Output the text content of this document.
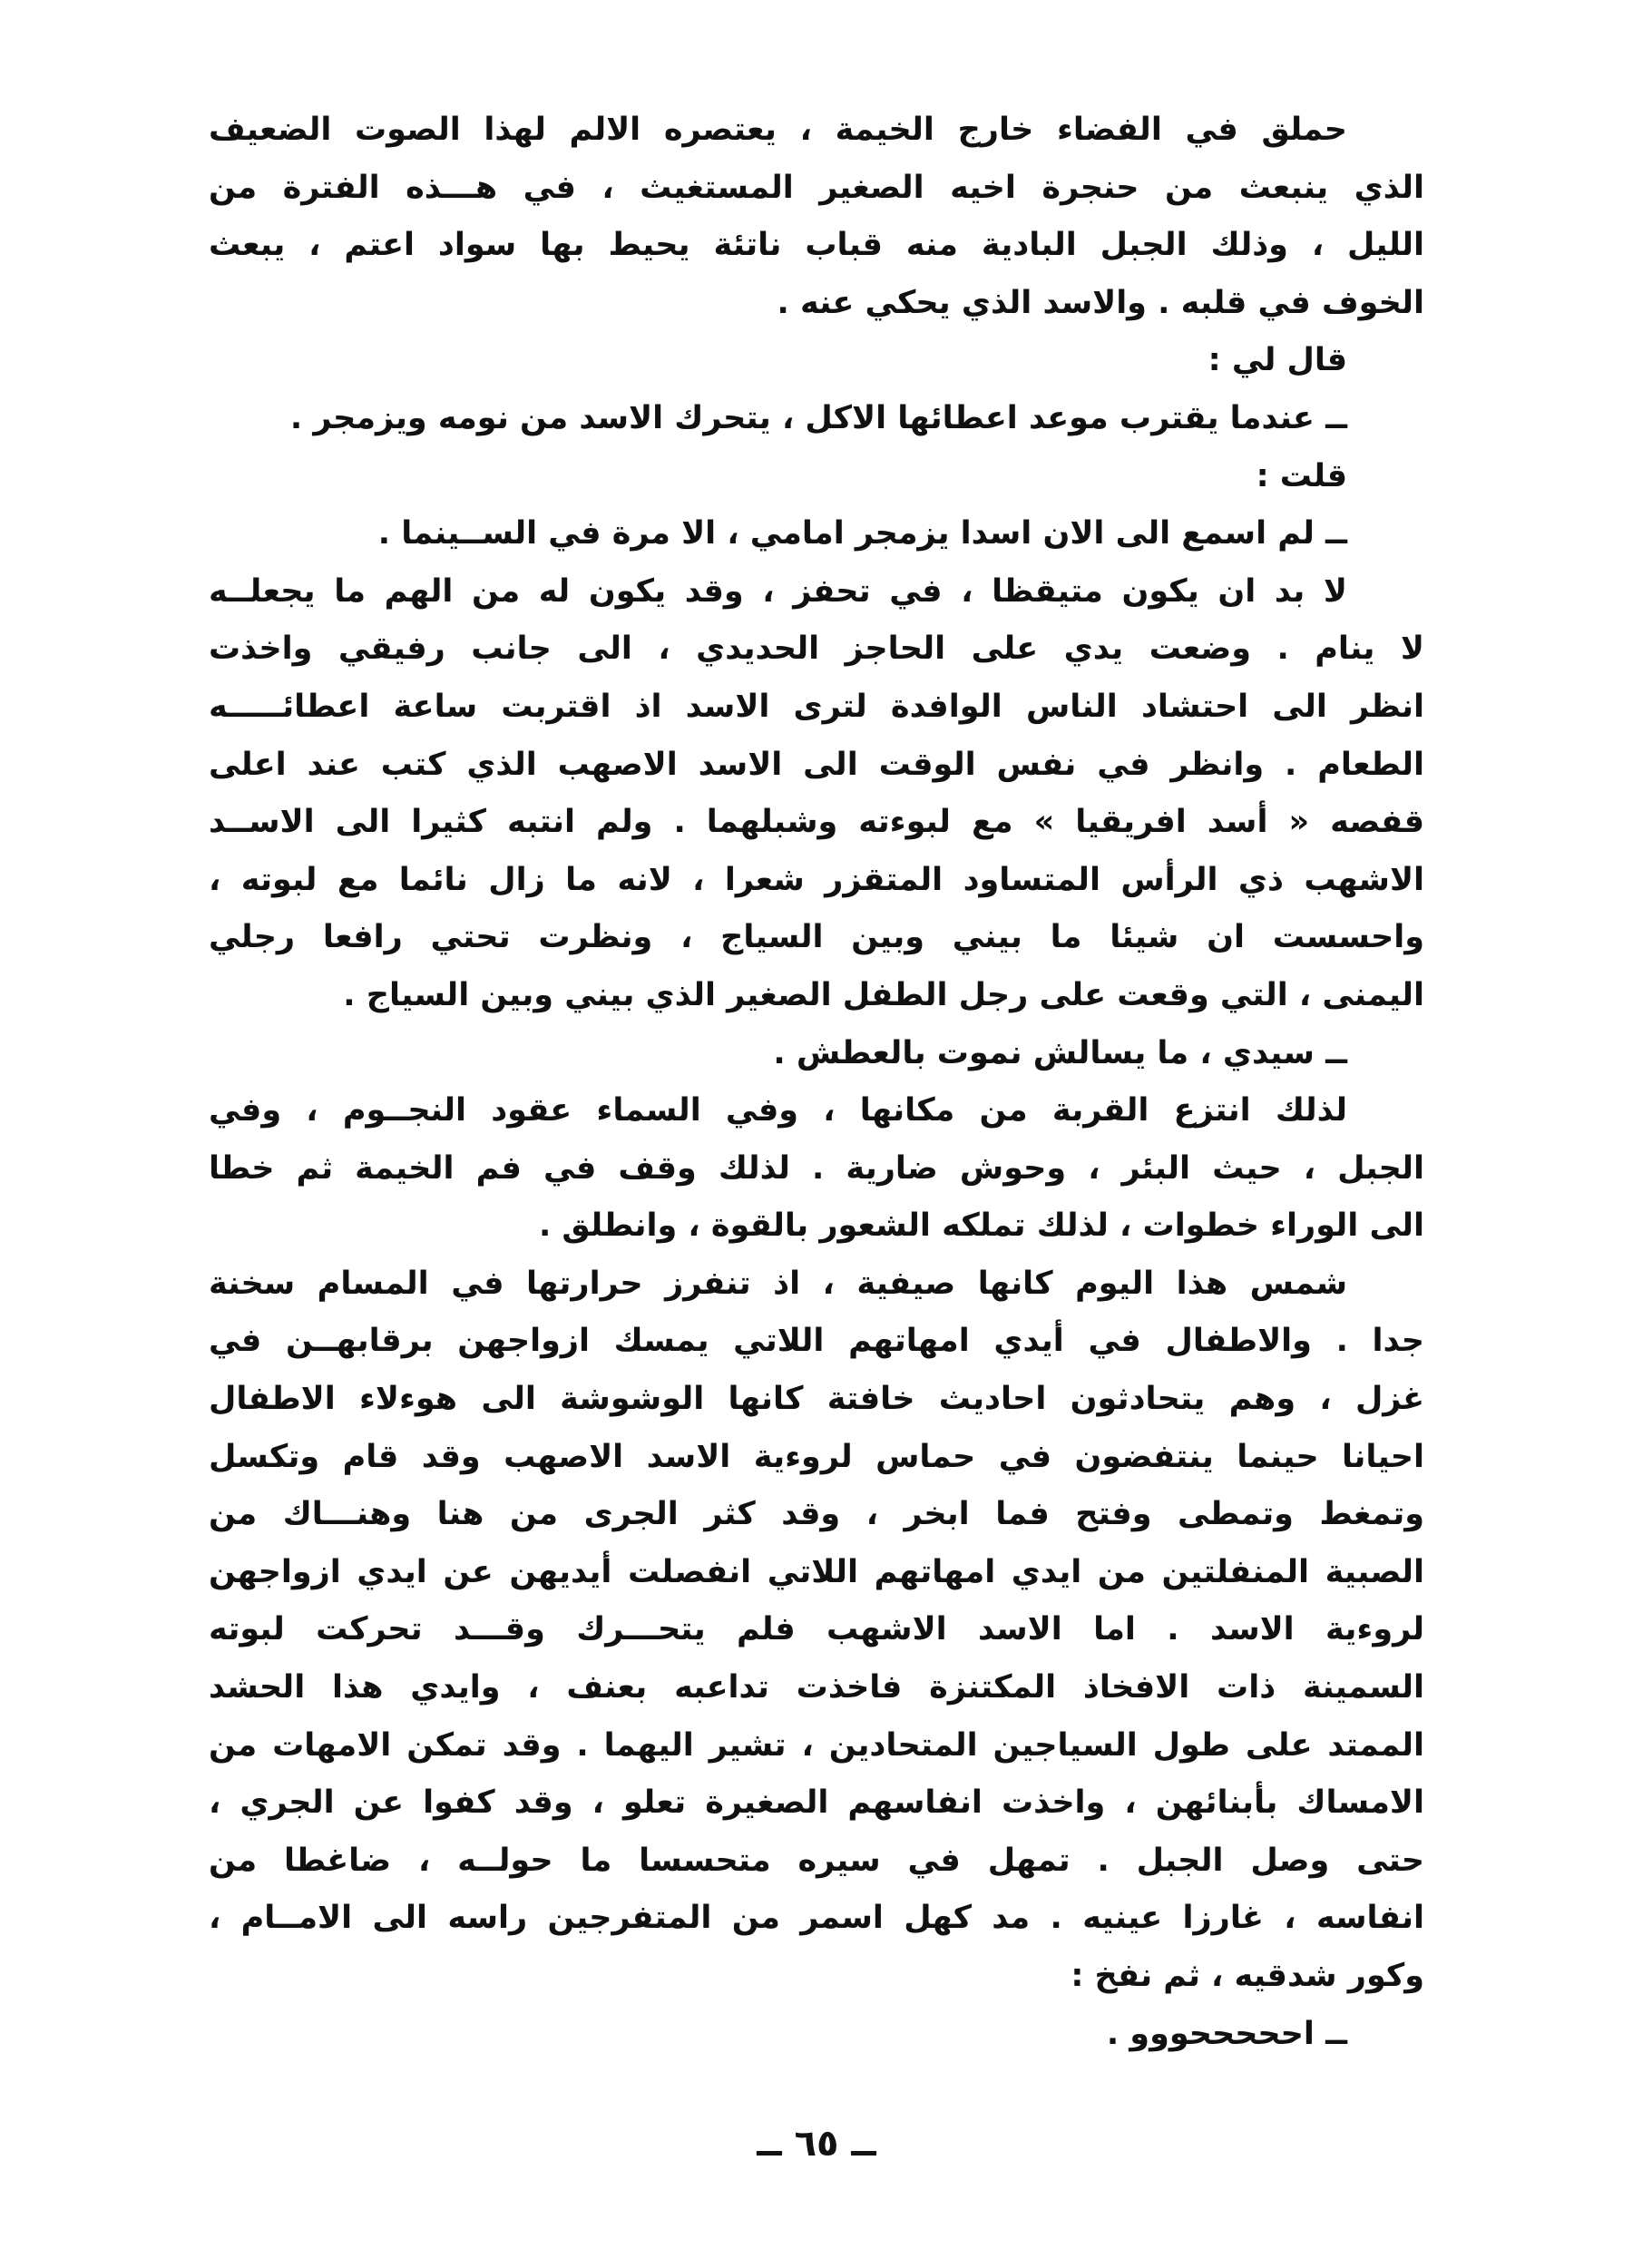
حملق في الفضاء خارج الخيمة ، يعتصره الالم لهذا الصوت الضعيف
الذي ينبعث من حنجرة اخيه الصغير المستغيث ، في هـــذه الفترة من
الليل ، وذلك الجبل البادية منه قباب ناتئة يحيط بها سواد اعتم ، يبعث
الخوف في قلبه . والاسد الذي يحكي عنه .
قال لي :
ــ عندما يقترب موعد اعطائها الاكل ، يتحرك الاسد من نومه ويزمجر .
قلت :
ــ لم اسمع الى الان اسدا يزمجر امامي ، الا مرة في الســينما .
لا بد ان يكون متيقظا ، في تحفز ، وقد يكون له من الهم ما يجعلــه
لا ينام . وضعت يدي على الحاجز الحديدي ، الى جانب رفيقي واخذت
انظر الى احتشاد الناس الوافدة لترى الاسد اذ اقتربت ساعة اعطائـــــه
الطعام . وانظر في نفس الوقت الى الاسد الاصهب الذي كتب عند اعلى
قفصه « أسد افريقيا » مع لبوءته وشبلهما . ولم انتبه كثيرا الى الاســد
الاشهب ذي الرأس المتساود المتقزر شعرا ، لانه ما زال نائما مع لبوته ،
واحسست ان شيئا ما بيني وبين السياج ، ونظرت تحتي رافعا رجلي
اليمنى ، التي وقعت على رجل الطفل الصغير الذي بيني وبين السياج .
ــ سيدي ، ما يسالش نموت بالعطش .
لذلك انتزع القربة من مكانها ، وفي السماء عقود النجــوم ، وفي
الجبل ، حيث البئر ، وحوش ضارية . لذلك وقف في فم الخيمة ثم خطا
الى الوراء خطوات ، لذلك تملكه الشعور بالقوة ، وانطلق .
شمس هذا اليوم كانها صيفية ، اذ تنفرز حرارتها في المسام سخنة
جدا . والاطفال في أيدي امهاتهم اللاتي يمسك ازواجهن برقابهــن في
غزل ، وهم يتحادثون احاديث خافتة كانها الوشوشة الى هوءلاء الاطفال
احيانا حينما ينتفضون في حماس لروءية الاسد الاصهب وقد قام وتكسل
وتمغط وتمطى وفتح فما ابخر ، وقد كثر الجرى من هنا وهنـــاك من
الصبية المنفلتين من ايدي امهاتهم اللاتي انفصلت أيديهن عن ايدي ازواجهن
لروءية الاسد . اما الاسد الاشهب فلم يتحـــرك وقـــد تحركت لبوته
السمينة ذات الافخاذ المكتنزة فاخذت تداعبه بعنف ، وايدي هذا الحشد
الممتد على طول السياجين المتحادين ، تشير اليهما . وقد تمكن الامهات من
الامساك بأبنائهن ، واخذت انفاسهم الصغيرة تعلو ، وقد كفوا عن الجري ،
حتى وصل الجبل . تمهل في سيره متحسسا ما حولــه ، ضاغطا من
انفاسه ، غارزا عينيه . مد كهل اسمر من المتفرجين راسه الى الامــام ،
وكور شدقيه ، ثم نفخ :
ــ احححححووو .
ــ ٦٥ ــ
